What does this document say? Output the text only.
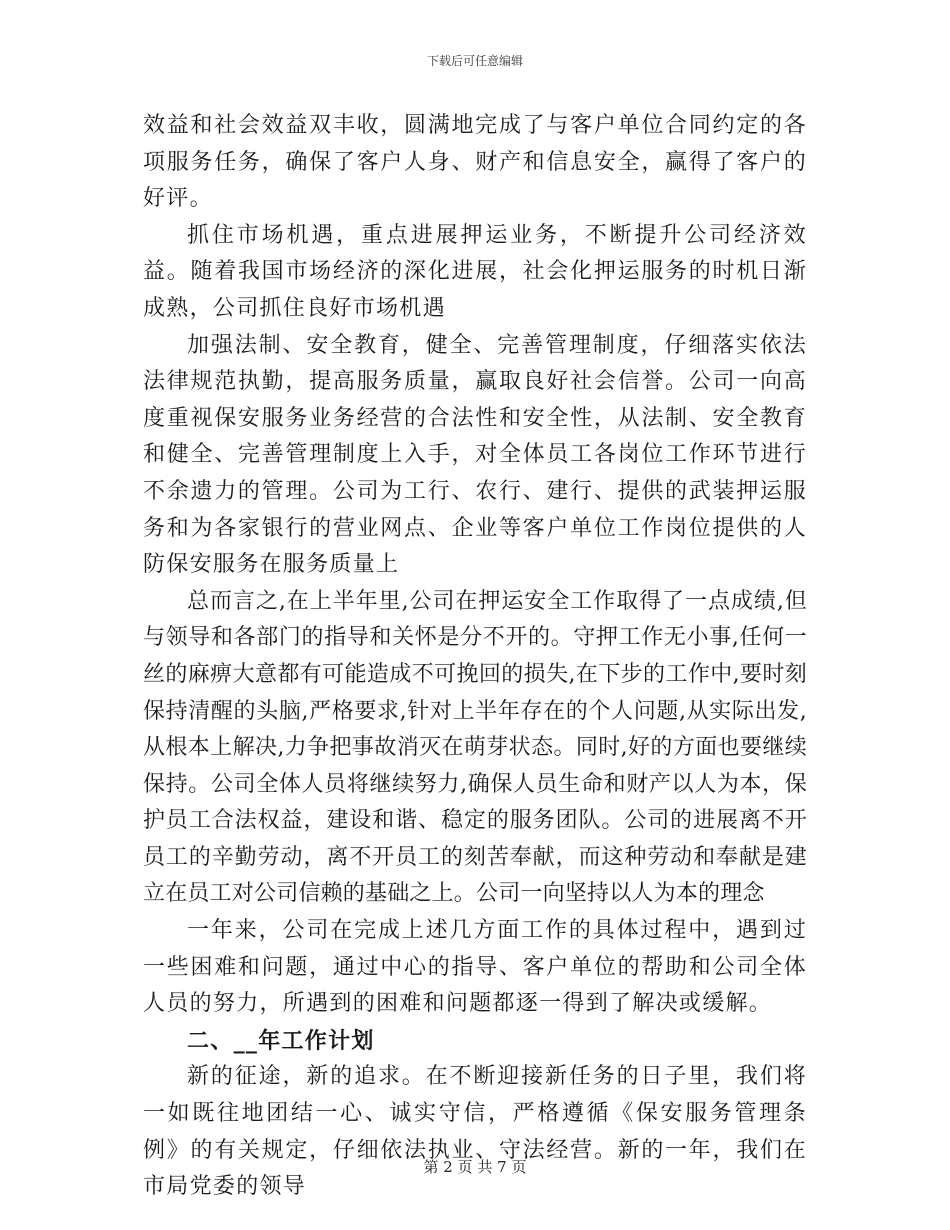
下载后可任意编辑

效益和社会效益双丰收，圆满地完成了与客户单位合同约定的各项服务任务，确保了客户人身、财产和信息安全，赢得了客户的好评。

抓住市场机遇，重点进展押运业务，不断提升公司经济效益。随着我国市场经济的深化进展，社会化押运服务的时机日渐成熟，公司抓住良好市场机遇

加强法制、安全教育，健全、完善管理制度，仔细落实依法法律规范执勤，提高服务质量，赢取良好社会信誉。公司一向高度重视保安服务业务经营的合法性和安全性，从法制、安全教育和健全、完善管理制度上入手，对全体员工各岗位工作环节进行不余遗力的管理。公司为工行、农行、建行、提供的武装押运服务和为各家银行的营业网点、企业等客户单位工作岗位提供的人防保安服务在服务质量上

总而言之,在上半年里,公司在押运安全工作取得了一点成绩,但与领导和各部门的指导和关怀是分不开的。守押工作无小事,任何一丝的麻痹大意都有可能造成不可挽回的损失,在下步的工作中,要时刻保持清醒的头脑,严格要求,针对上半年存在的个人问题,从实际出发,从根本上解决,力争把事故消灭在萌芽状态。同时,好的方面也要继续保持。公司全体人员将继续努力,确保人员生命和财产以人为本，保护员工合法权益，建设和谐、稳定的服务团队。公司的进展离不开员工的辛勤劳动，离不开员工的刻苦奉献，而这种劳动和奉献是建立在员工对公司信赖的基础之上。公司一向坚持以人为本的理念

一年来，公司在完成上述几方面工作的具体过程中，遇到过一些困难和问题，通过中心的指导、客户单位的帮助和公司全体人员的努力，所遇到的困难和问题都逐一得到了解决或缓解。

二、__年工作计划

新的征途，新的追求。在不断迎接新任务的日子里，我们将一如既往地团结一心、诚实守信，严格遵循《保安服务管理条例》的有关规定，仔细依法执业、守法经营。新的一年，我们在市局党委的领导

第 2 页 共 7 页
